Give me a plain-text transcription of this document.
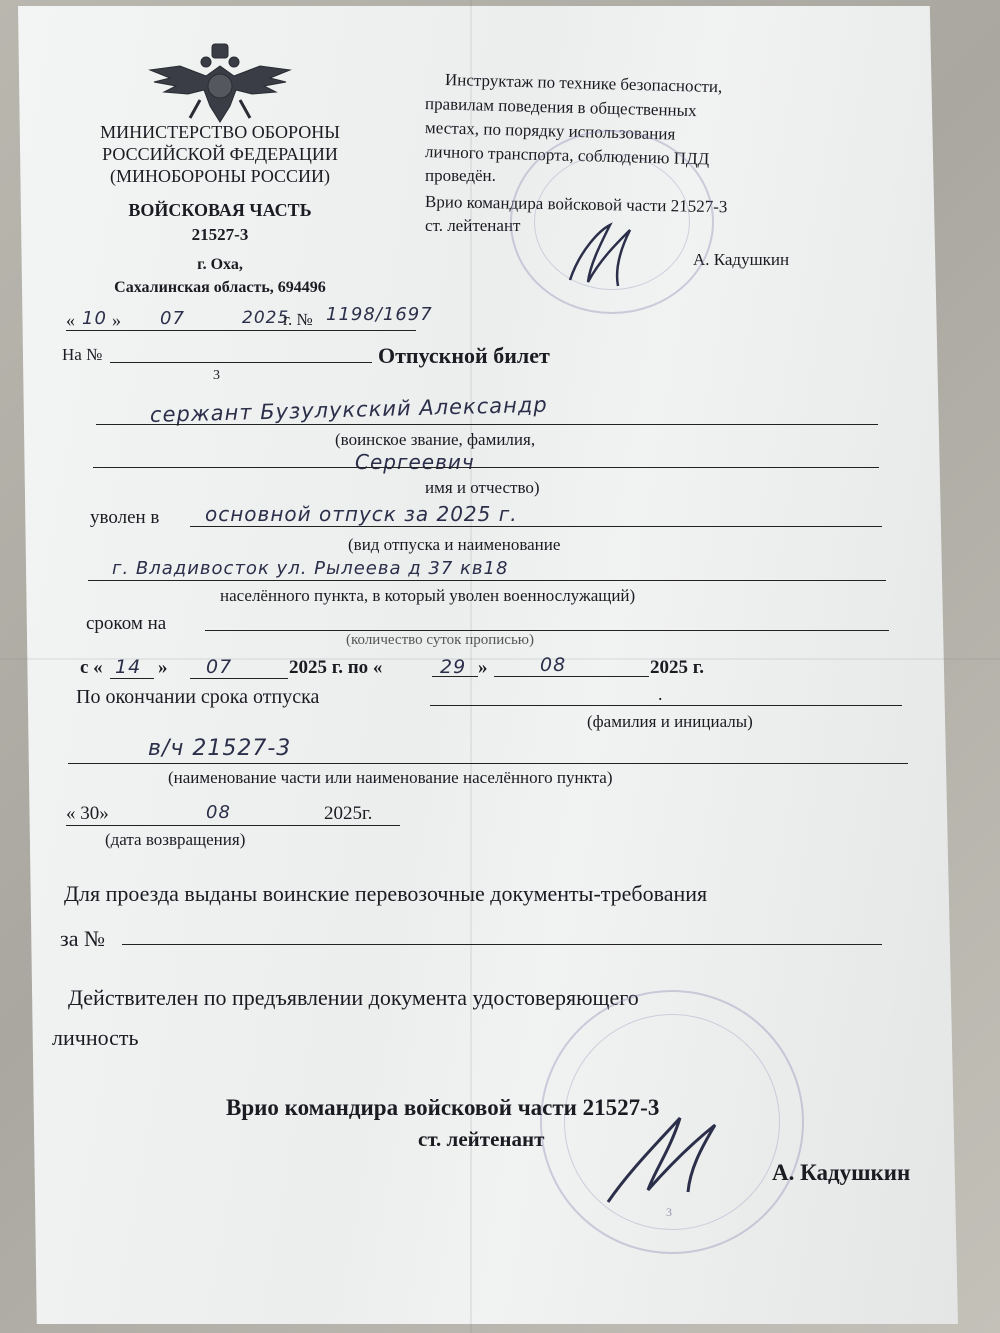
МИНИСТЕРСТВО ОБОРОНЫ
РОССИЙСКОЙ ФЕДЕРАЦИИ
(МИНОБОРОНЫ РОССИИ)
ВОЙСКОВАЯ ЧАСТЬ
21527-3
г. Оха,
Сахалинская область, 694496
Инструктаж по технике безопасности,
правилам поведения в общественных
местах, по порядку использования
личного транспорта, соблюдению ПДД
проведён.
Врио командира войсковой части 21527-3
ст. лейтенант
А. Кадушкин
« 10 » 07	2025
г. № 1198/1697
На №
3
Отпускной билет
сержант Бузулукский Александр
(воинское звание, фамилия,
Сергеевич
имя и отчество)
уволен в основной отпуск за 2025 г.
(вид отпуска и наименование
г. Владивосток ул. Рылеева д 37 кв18
населённого пункта, в который уволен военнослужащий)
сроком на
(количество суток прописью)
с « 14 » 07	2025 г. по «	29 »	08	2025 г.
По окончании срока отпуска	.
(фамилия и инициалы)
в/ч 21527-3
(наименование части или наименование населённого пункта)
« 30»	08	2025г.
(дата возвращения)
Для проезда выданы воинские перевозочные документы-требования
за №
Действителен по предъявлении документа удостоверяющего
личность
3
Врио командира войсковой части 21527-3
ст. лейтенант
А. Кадушкин
